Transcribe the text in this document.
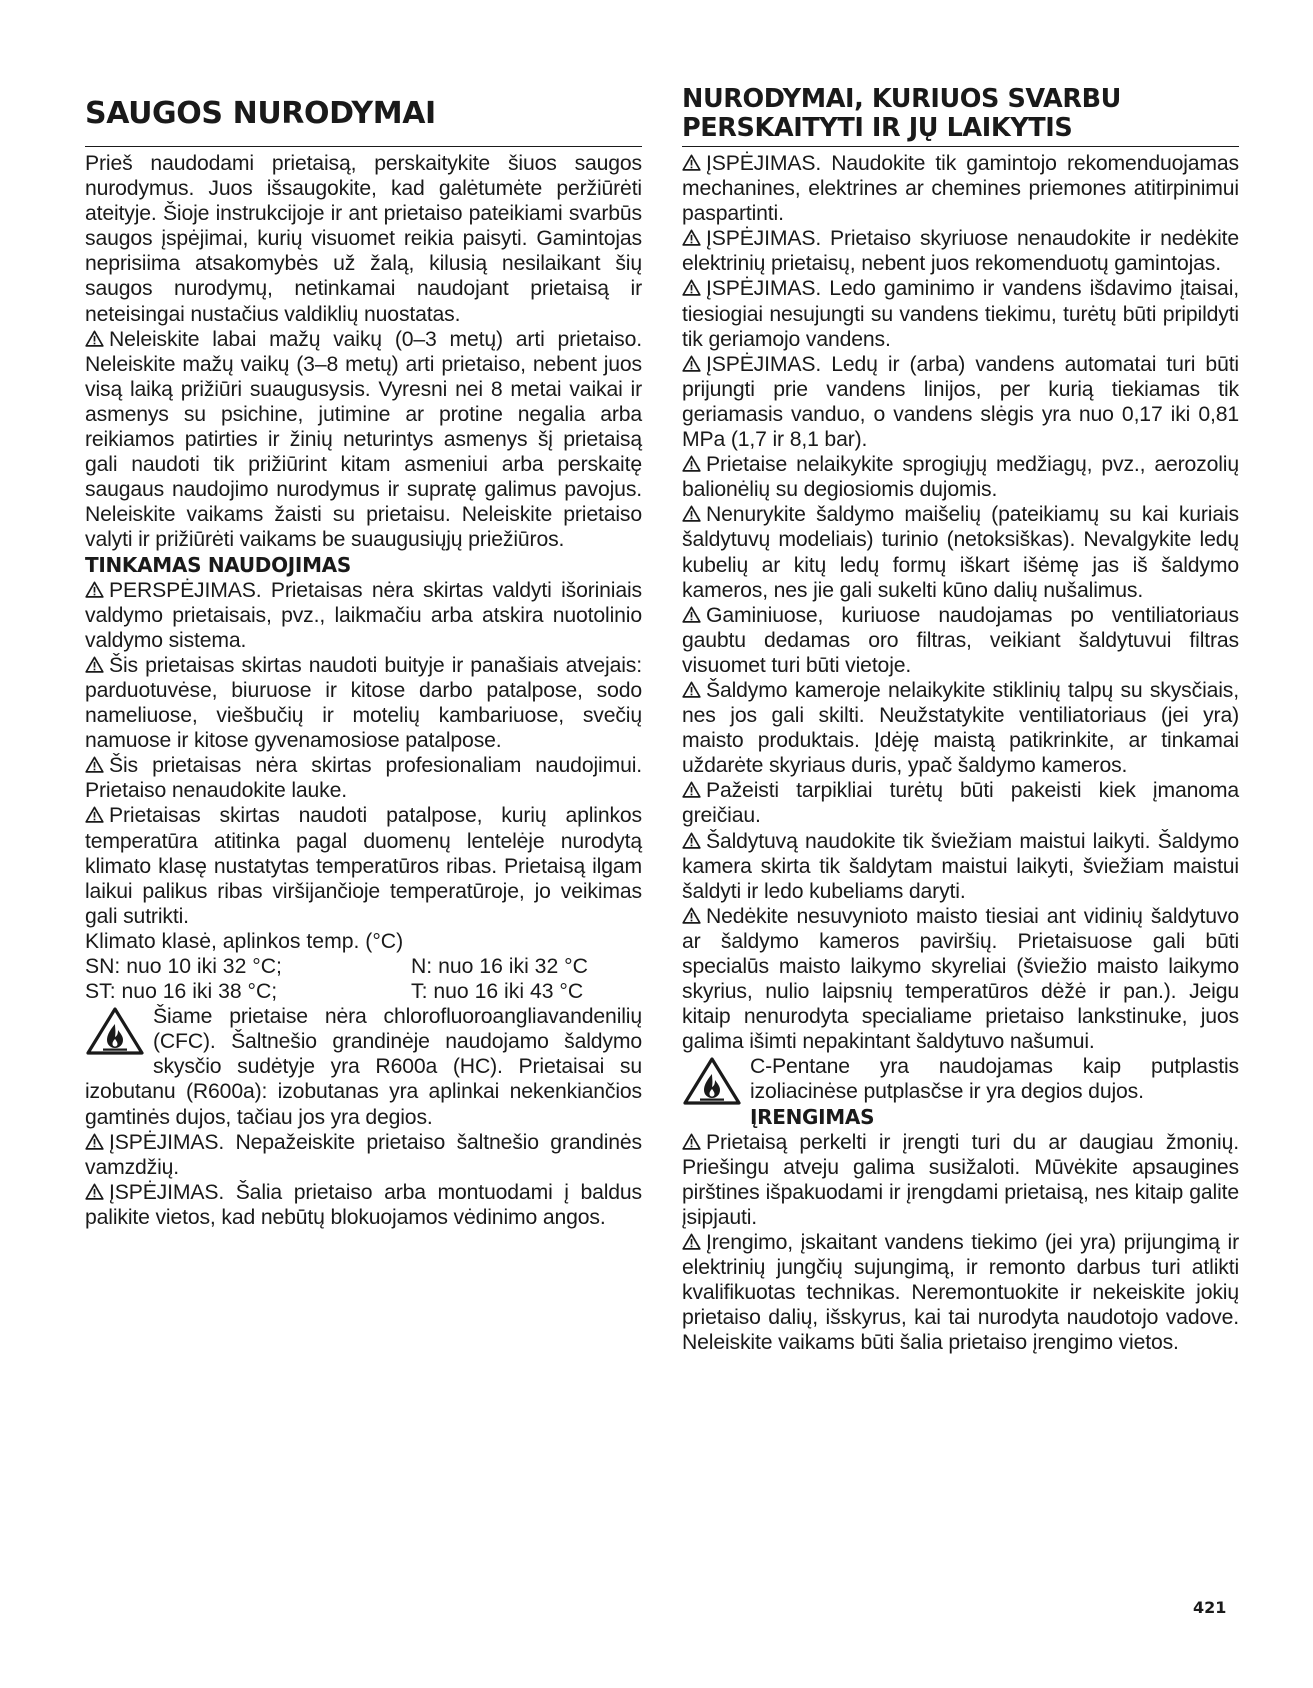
SAUGOS NURODYMAI

Prieš naudodami prietaisą, perskaitykite šiuos saugos nurodymus. Juos išsaugokite, kad galėtumėte peržiūrėti ateityje. Šioje instrukcijoje ir ant prietaiso pateikiami svarbūs saugos įspėjimai, kurių visuomet reikia paisyti. Gamintojas neprisiima atsakomybės už žalą, kilusią nesilaikant šių saugos nurodymų, netinkamai naudojant prietaisą ir neteisingai nustačius valdiklių nuostatas.

Neleiskite labai mažų vaikų (0–3 metų) arti prietaiso. Neleiskite mažų vaikų (3–8 metų) arti prietaiso, nebent juos visą laiką prižiūri suaugusysis. Vyresni nei 8 metai vaikai ir asmenys su psichine, jutimine ar protine negalia arba reikiamos patirties ir žinių neturintys asmenys šį prietaisą gali naudoti tik prižiūrint kitam asmeniui arba perskaitę saugaus naudojimo nurodymus ir supratę galimus pavojus. Neleiskite vaikams žaisti su prietaisu. Neleiskite prietaiso valyti ir prižiūrėti vaikams be suaugusiųjų priežiūros.

TINKAMAS NAUDOJIMAS

PERSPĖJIMAS. Prietaisas nėra skirtas valdyti išoriniais valdymo prietaisais, pvz., laikmačiu arba atskira nuotolinio valdymo sistema.

Šis prietaisas skirtas naudoti buityje ir panašiais atvejais: parduotuvėse, biuruose ir kitose darbo patalpose, sodo nameliuose, viešbučių ir motelių kambariuose, svečių namuose ir kitose gyvenamosiose patalpose.

Šis prietaisas nėra skirtas profesionaliam naudojimui. Prietaiso nenaudokite lauke.

Prietaisas skirtas naudoti patalpose, kurių aplinkos temperatūra atitinka pagal duomenų lentelėje nurodytą klimato klasę nustatytas temperatūros ribas. Prietaisą ilgam laikui palikus ribas viršijančioje temperatūroje, jo veikimas gali sutrikti.

Klimato klasė, aplinkos temp. (°C)
SN: nuo 10 iki 32 °C;	N: nuo 16 iki 32 °C
ST: nuo 16 iki 38 °C;	T: nuo 16 iki 43 °C

Šiame prietaise nėra chlorofluoroangliavandenilių (CFC). Šaltnešio grandinėje naudojamo šaldymo skysčio sudėtyje yra R600a (HC). Prietaisai su izobutanu (R600a): izobutanas yra aplinkai nekenkiančios gamtinės dujos, tačiau jos yra degios.

ĮSPĖJIMAS. Nepažeiskite prietaiso šaltnešio grandinės vamzdžių.

ĮSPĖJIMAS. Šalia prietaiso arba montuodami į baldus palikite vietos, kad nebūtų blokuojamos vėdinimo angos.

NURODYMAI, KURIUOS SVARBU
PERSKAITYTI IR JŲ LAIKYTIS

ĮSPĖJIMAS. Naudokite tik gamintojo rekomenduojamas mechanines, elektrines ar chemines priemones atitirpinimui paspartinti.

ĮSPĖJIMAS. Prietaiso skyriuose nenaudokite ir nedėkite elektrinių prietaisų, nebent juos rekomenduotų gamintojas.

ĮSPĖJIMAS. Ledo gaminimo ir vandens išdavimo įtaisai, tiesiogiai nesujungti su vandens tiekimu, turėtų būti pripildyti tik geriamojo vandens.

ĮSPĖJIMAS. Ledų ir (arba) vandens automatai turi būti prijungti prie vandens linijos, per kurią tiekiamas tik geriamasis vanduo, o vandens slėgis yra nuo 0,17 iki 0,81 MPa (1,7 ir 8,1 bar).

Prietaise nelaikykite sprogiųjų medžiagų, pvz., aerozolių balionėlių su degiosiomis dujomis.

Nenurykite šaldymo maišelių (pateikiamų su kai kuriais šaldytuvų modeliais) turinio (netoksiškas). Nevalgykite ledų kubelių ar kitų ledų formų iškart išėmę jas iš šaldymo kameros, nes jie gali sukelti kūno dalių nušalimus.

Gaminiuose, kuriuose naudojamas po ventiliatoriaus gaubtu dedamas oro filtras, veikiant šaldytuvui filtras visuomet turi būti vietoje.

Šaldymo kameroje nelaikykite stiklinių talpų su skysčiais, nes jos gali skilti. Neužstatykite ventiliatoriaus (jei yra) maisto produktais. Įdėję maistą patikrinkite, ar tinkamai uždarėte skyriaus duris, ypač šaldymo kameros.

Pažeisti tarpikliai turėtų būti pakeisti kiek įmanoma greičiau.

Šaldytuvą naudokite tik šviežiam maistui laikyti. Šaldymo kamera skirta tik šaldytam maistui laikyti, šviežiam maistui šaldyti ir ledo kubeliams daryti.

Nedėkite nesuvynioto maisto tiesiai ant vidinių šaldytuvo ar šaldymo kameros paviršių. Prietaisuose gali būti specialūs maisto laikymo skyreliai (šviežio maisto laikymo skyrius, nulio laipsnių temperatūros dėžė ir pan.). Jeigu kitaip nenurodyta specialiame prietaiso lankstinuke, juos galima išimti nepakintant šaldytuvo našumui.

C-Pentane yra naudojamas kaip putplastis izoliacinėse putplasčse ir yra degios dujos.

ĮRENGIMAS

Prietaisą perkelti ir įrengti turi du ar daugiau žmonių. Priešingu atveju galima susižaloti. Mūvėkite apsaugines pirštines išpakuodami ir įrengdami prietaisą, nes kitaip galite įsipjauti.

Įrengimo, įskaitant vandens tiekimo (jei yra) prijungimą ir elektrinių jungčių sujungimą, ir remonto darbus turi atlikti kvalifikuotas technikas. Neremontuokite ir nekeiskite jokių prietaiso dalių, išskyrus, kai tai nurodyta naudotojo vadove. Neleiskite vaikams būti šalia prietaiso įrengimo vietos.

421
